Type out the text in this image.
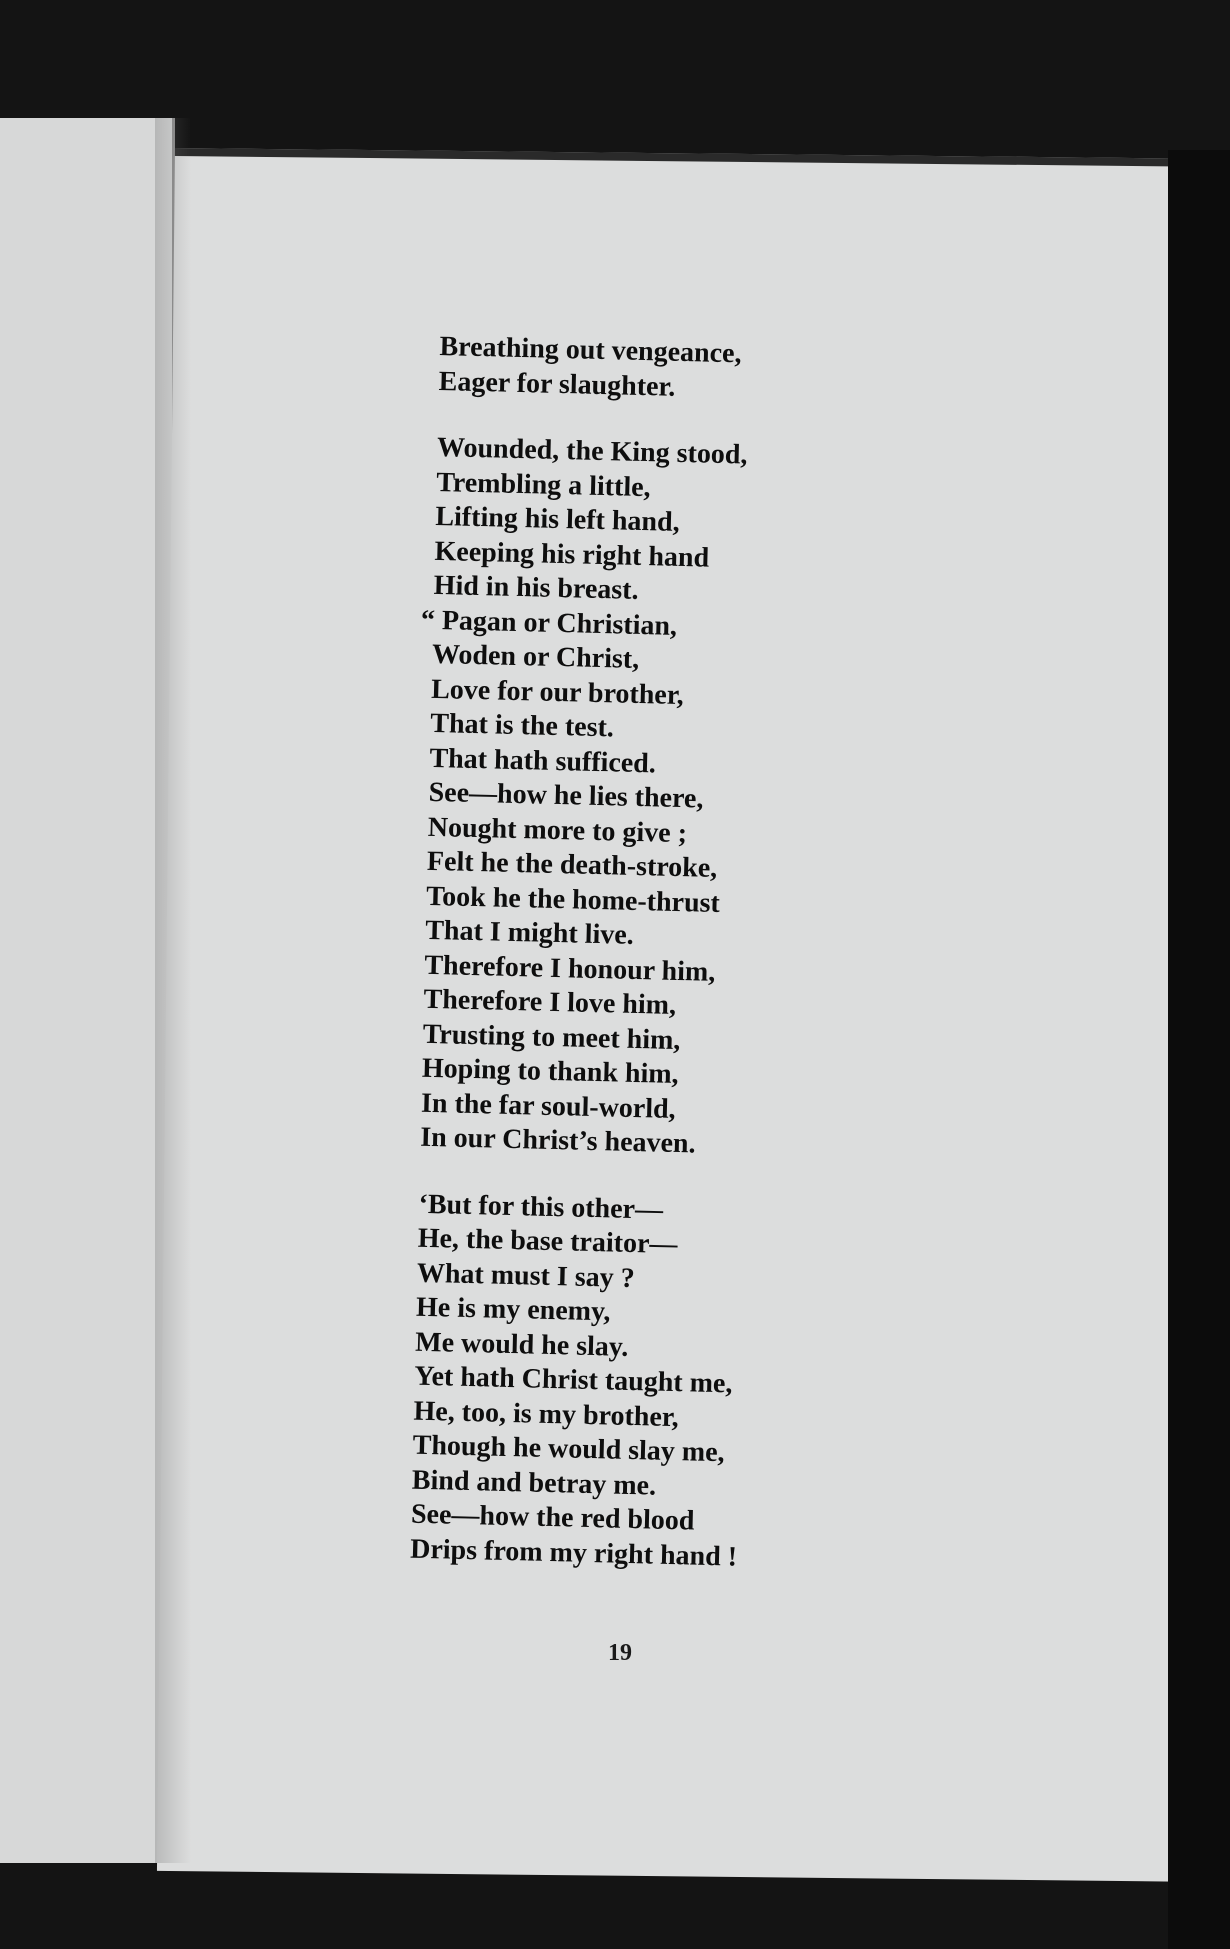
Breathing out vengeance,
Eager for slaughter.
Wounded, the King stood,
Trembling a little,
Lifting his left hand,
Keeping his right hand
Hid in his breast.
“ Pagan or Christian,
Woden or Christ,
Love for our brother,
That is the test.
That hath sufficed.
See—how he lies there,
Nought more to give ;
Felt he the death-stroke,
Took he the home-thrust
That I might live.
Therefore I honour him,
Therefore I love him,
Trusting to meet him,
Hoping to thank him,
In the far soul-world,
In our Christ’s heaven.
‘But for this other—
He, the base traitor—
What must I say ?
He is my enemy,
Me would he slay.
Yet hath Christ taught me,
He, too, is my brother,
Though he would slay me,
Bind and betray me.
See—how the red blood
Drips from my right hand !
19
